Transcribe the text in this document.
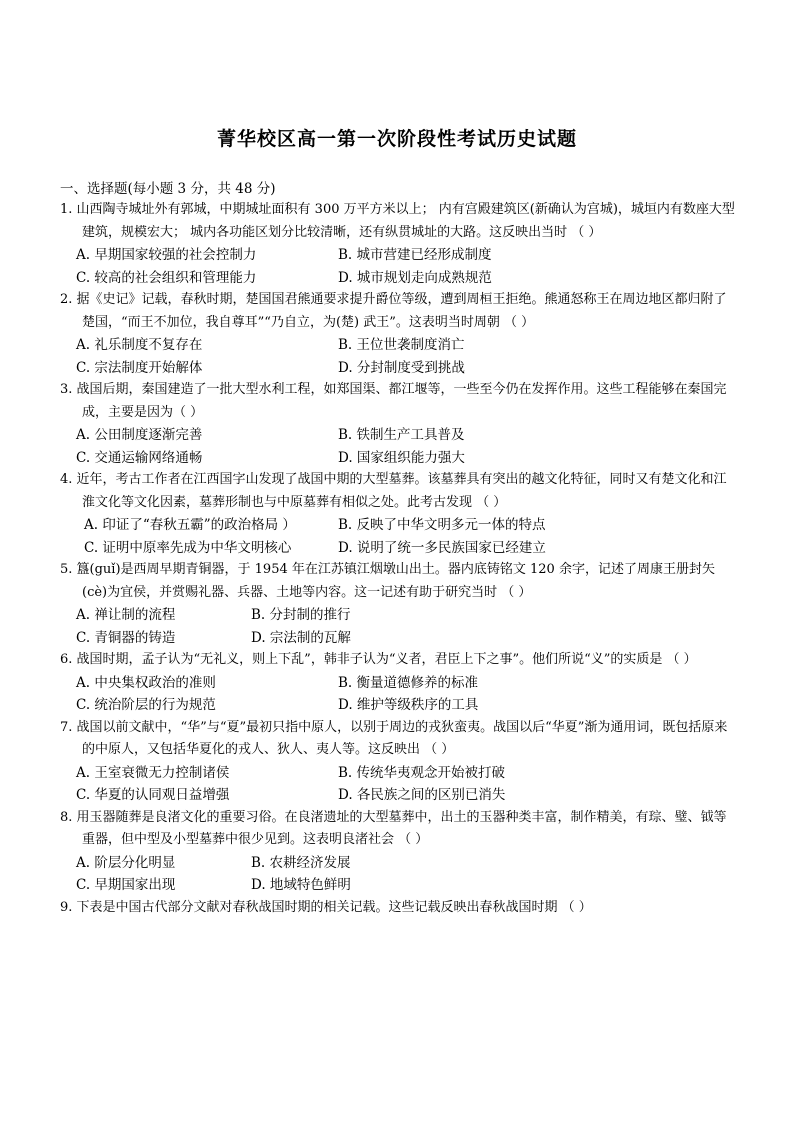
菁华校区高一第一次阶段性考试历史试题
一、选择题(每小题 3 分，共 48 分)
1. 山西陶寺城址外有郭城，中期城址面积有 300 万平方米以上； 内有宫殿建筑区(新确认为宫城)，城垣内有数座大型建筑，规模宏大； 城内各功能区划分比较清晰，还有纵贯城址的大路。这反映出当时 （ ）
A. 早期国家较强的社会控制力	B. 城市营建已经形成制度
C. 较高的社会组织和管理能力	D. 城市规划走向成熟规范
2. 据《史记》记载，春秋时期，楚国国君熊通要求提升爵位等级，遭到周桓王拒绝。熊通怒称王在周边地区都归附了楚国，“而王不加位，我自尊耳”“乃自立，为(楚) 武王”。这表明当时周朝 （ ）
A. 礼乐制度不复存在	B. 王位世袭制度消亡
C. 宗法制度开始解体	D. 分封制度受到挑战
3. 战国后期，秦国建造了一批大型水利工程，如郑国渠、都江堰等，一些至今仍在发挥作用。这些工程能够在秦国完成，主要是因为（ ）
A. 公田制度逐渐完善	B. 铁制生产工具普及
C. 交通运输网络通畅	D. 国家组织能力强大
4. 近年，考古工作者在江西国字山发现了战国中期的大型墓葬。该墓葬具有突出的越文化特征，同时又有楚文化和江淮文化等文化因素，墓葬形制也与中原墓葬有相似之处。此考古发现 （ ）
A. 印证了“春秋五霸”的政治格局 ）	B. 反映了中华文明多元一体的特点
C. 证明中原率先成为中华文明核心	D. 说明了统一多民族国家已经建立
5. 簋(guǐ)是西周早期青铜器，于 1954 年在江苏镇江烟墩山出土。器内底铸铭文 120 余字，记述了周康王册封矢(cè)为宜侯，并赏赐礼器、兵器、土地等内容。这一记述有助于研究当时 （ ）
A. 禅让制的流程	B. 分封制的推行
C. 青铜器的铸造	D. 宗法制的瓦解
6. 战国时期，孟子认为“无礼义，则上下乱”，韩非子认为“义者，君臣上下之事”。他们所说“义”的实质是 （ ）
A. 中央集权政治的准则	B. 衡量道德修养的标准
C. 统治阶层的行为规范	D. 维护等级秩序的工具
7. 战国以前文献中，“华”与“夏”最初只指中原人，以别于周边的戎狄蛮夷。战国以后“华夏”渐为通用词，既包括原来的中原人，又包括华夏化的戎人、狄人、夷人等。这反映出 （ ）
A. 王室衰微无力控制诸侯	B. 传统华夷观念开始被打破
C. 华夏的认同观日益增强	D. 各民族之间的区别已消失
8. 用玉器随葬是良渚文化的重要习俗。在良渚遗址的大型墓葬中，出土的玉器种类丰富，制作精美，有琮、璧、钺等重器，但中型及小型墓葬中很少见到。这表明良渚社会 （ ）
A. 阶层分化明显	B. 农耕经济发展
C. 早期国家出现	D. 地域特色鲜明
9. 下表是中国古代部分文献对春秋战国时期的相关记载。这些记载反映出春秋战国时期 （ ）
